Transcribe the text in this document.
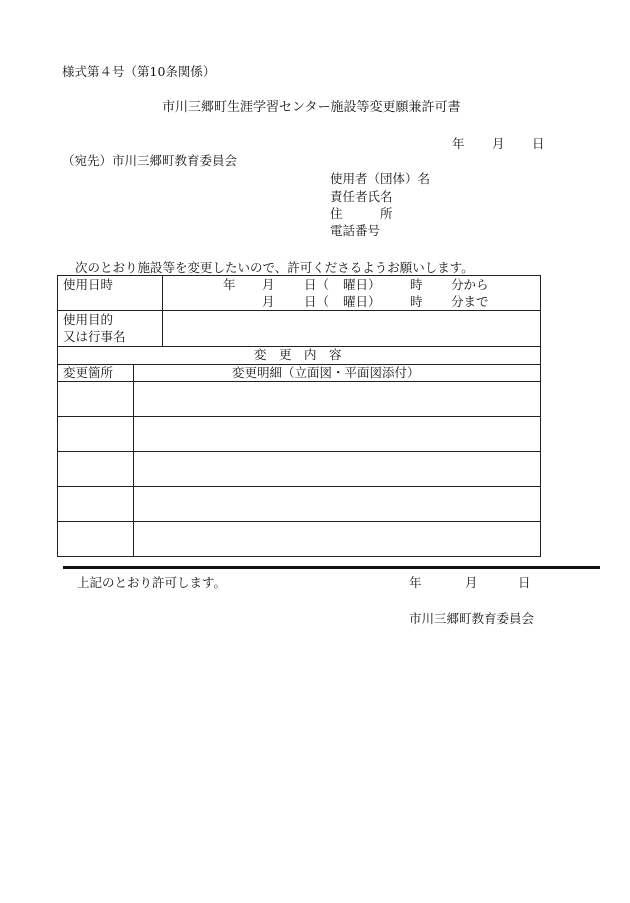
様式第４号（第10条関係）
市川三郷町生涯学習センター施設等変更願兼許可書
年 月 日
（宛先）市川三郷町教育委員会
使用者（団体）名
責任者氏名
住　　　所
電話番号
次のとおり施設等を変更したいので、許可くださるようお願いします。
使用日時	年 月 日（ 曜日） 時 分から
月 日（ 曜日） 時 分まで
使用目的
又は行事名
変　更　内　容
変更箇所	変更明細（立面図・平面図添付）
上記のとおり許可します。	年	月	日
市川三郷町教育委員会
